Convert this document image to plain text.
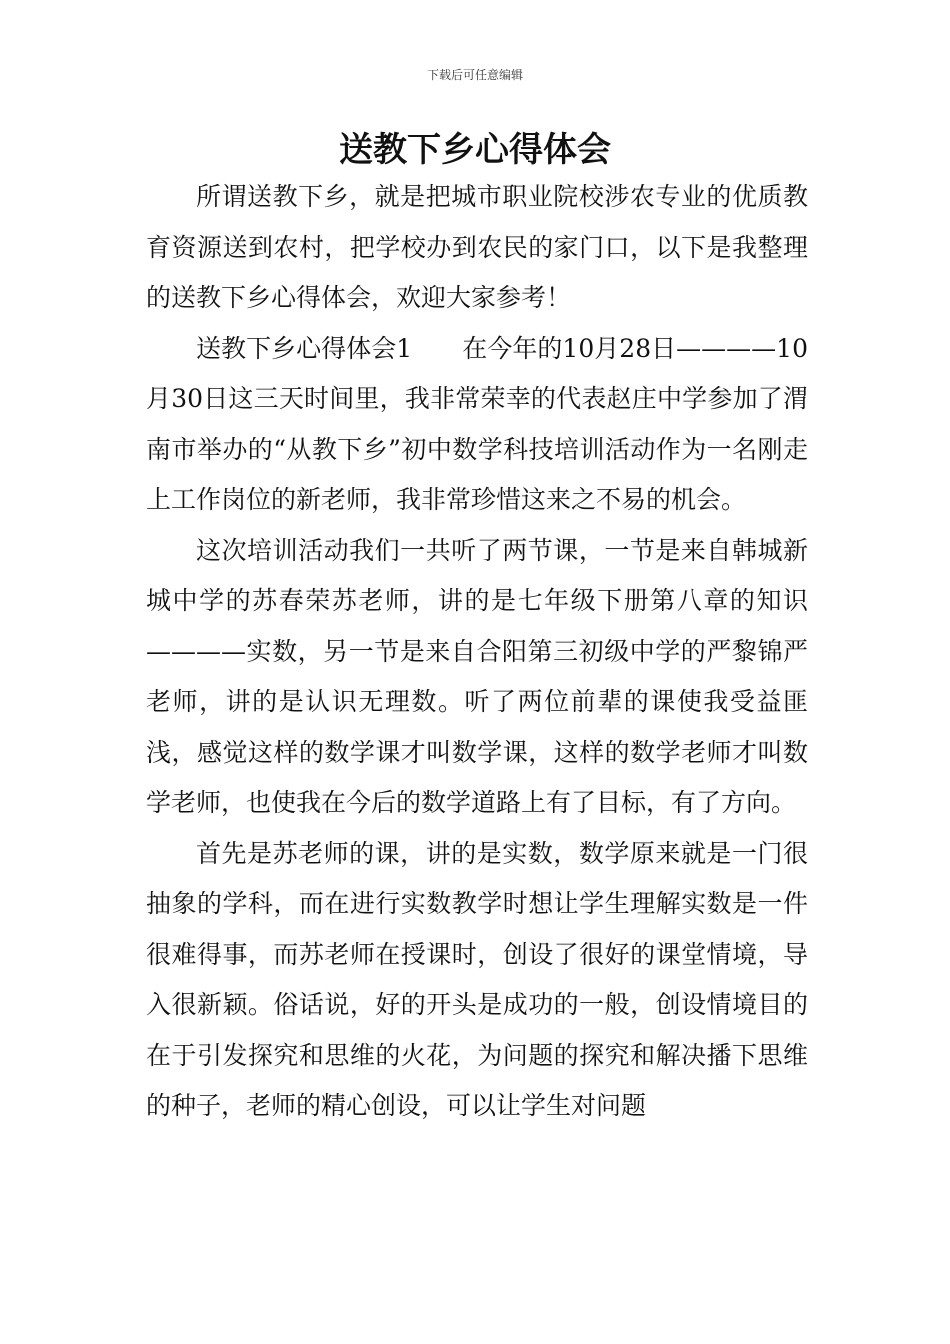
下载后可任意编辑
送教下乡心得体会

所谓送教下乡，就是把城市职业院校涉农专业的优质教育资源送到农村，把学校办到农民的家门口，以下是我整理的送教下乡心得体会，欢迎大家参考！

送教下乡心得体会1　　在今年的10月28日————10月30日这三天时间里，我非常荣幸的代表赵庄中学参加了渭南市举办的“从教下乡”初中数学科技培训活动作为一名刚走上工作岗位的新老师，我非常珍惜这来之不易的机会。

这次培训活动我们一共听了两节课，一节是来自韩城新城中学的苏春荣苏老师，讲的是七年级下册第八章的知识————实数，另一节是来自合阳第三初级中学的严黎锦严老师，讲的是认识无理数。听了两位前辈的课使我受益匪浅，感觉这样的数学课才叫数学课，这样的数学老师才叫数学老师，也使我在今后的数学道路上有了目标，有了方向。

首先是苏老师的课，讲的是实数，数学原来就是一门很抽象的学科，而在进行实数教学时想让学生理解实数是一件很难得事，而苏老师在授课时，创设了很好的课堂情境，导入很新颖。俗话说，好的开头是成功的一般，创设情境目的在于引发探究和思维的火花，为问题的探究和解决播下思维的种子，老师的精心创设，可以让学生对问题
